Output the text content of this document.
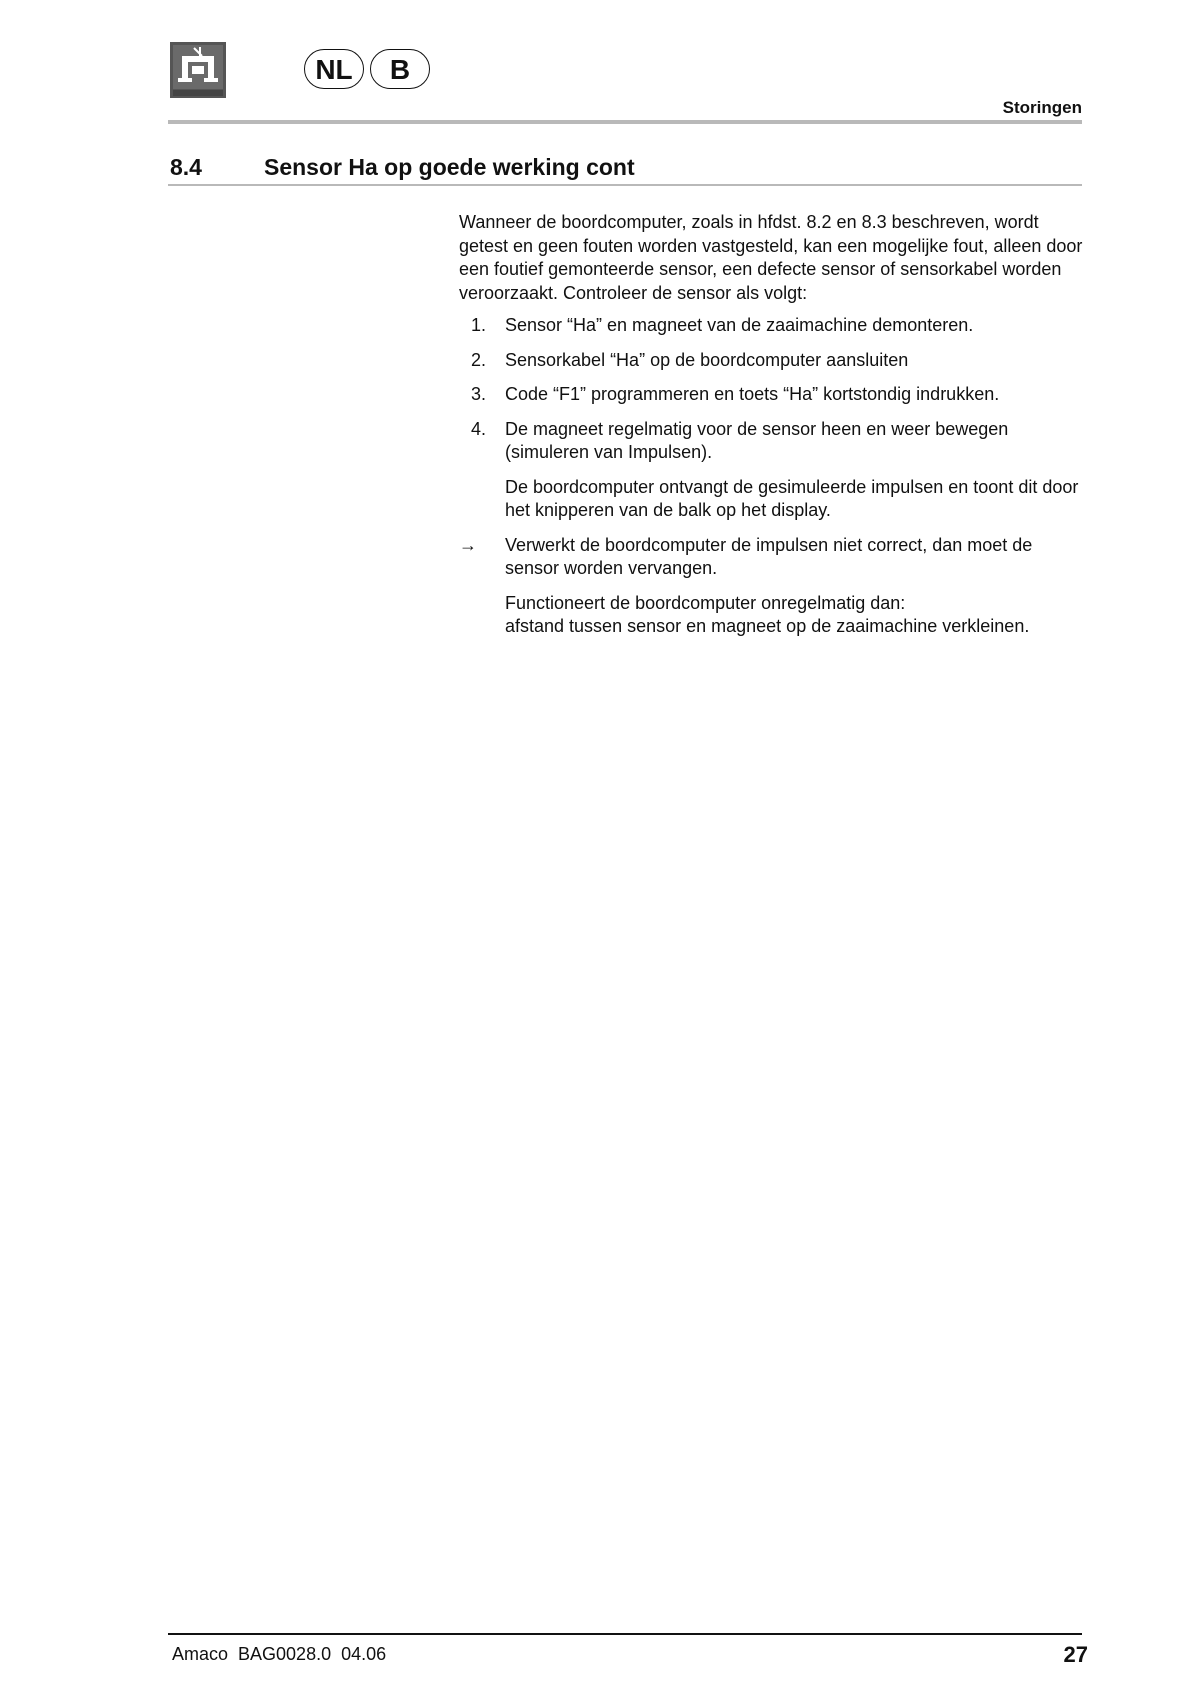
NL	B
Storingen
8.4	Sensor Ha op goede werking cont

Wanneer de boordcomputer, zoals in hfdst. 8.2 en 8.3 beschreven, wordt getest en geen fouten worden vastgesteld, kan een mogelijke fout, alleen door een foutief gemonteerde sensor, een defecte sensor of sensorkabel worden veroorzaakt. Controleer de sensor als volgt:

1. Sensor “Ha” en magneet van de zaaimachine demonteren.

2. Sensorkabel “Ha” op de boordcomputer aansluiten

3. Code “F1” programmeren en toets “Ha” kortstondig indrukken.

4. De magneet regelmatig voor de sensor heen en weer bewegen (simuleren van Impulsen).

De boordcomputer ontvangt de gesimuleerde impulsen en toont dit door het knipperen van de balk op het display.

→ Verwerkt de boordcomputer de impulsen niet correct, dan moet de sensor worden vervangen.

Functioneert de boordcomputer onregelmatig dan:
afstand tussen sensor en magneet op de zaaimachine verkleinen.

Amaco  BAG0028.0  04.06	27
